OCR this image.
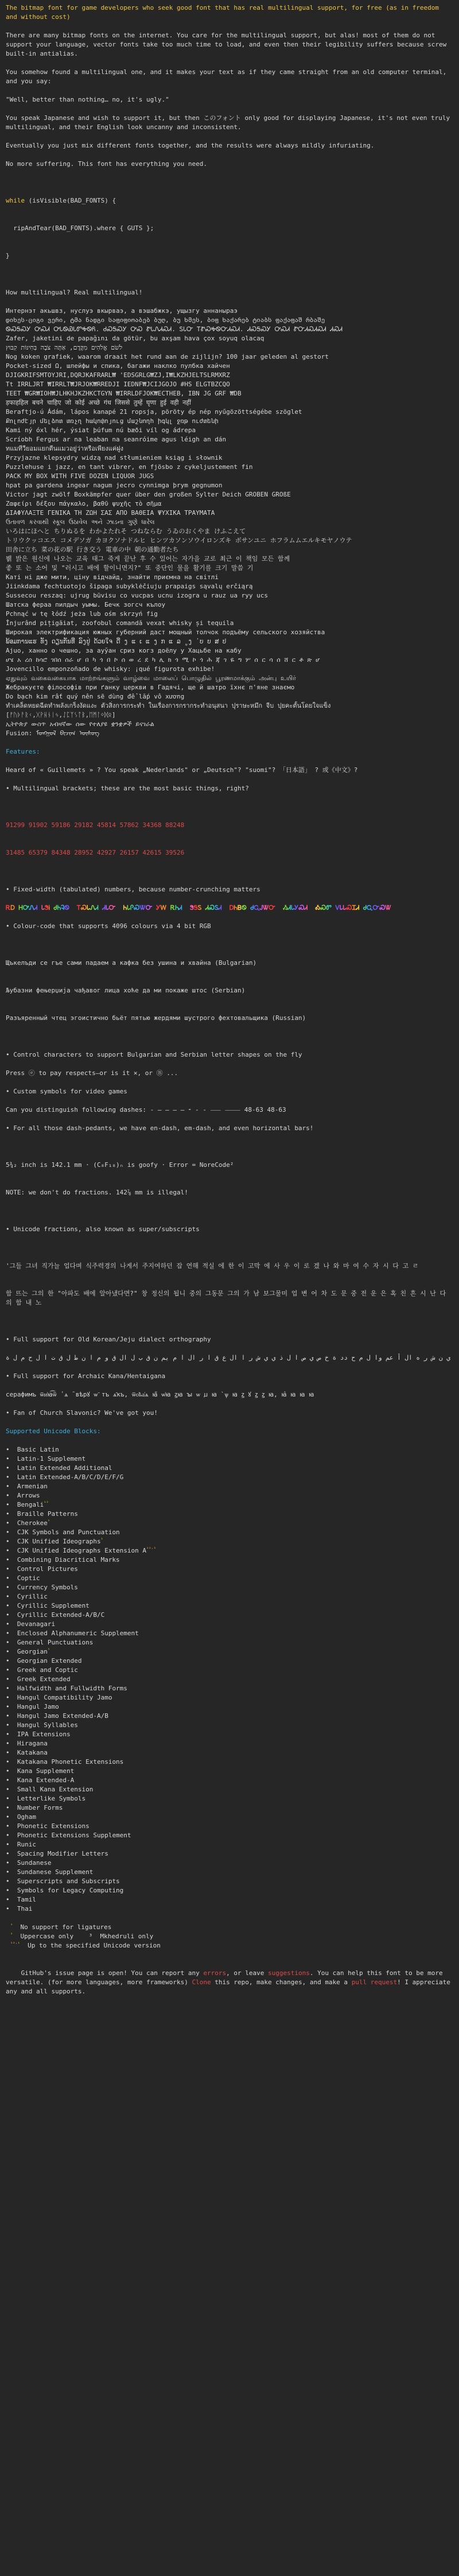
The bitmap font for game developers who seek good font that has real multilingual support, for free (as in freedom and without cost)
There are many bitmap fonts on the internet. You care for the multilingual support, but alas! most of them do not support your language, vector fonts take too much time to load, and even then their legibility suffers because screw built-in antialias.
You somehow found a multilingual one, and it makes your text as if they came straight from an old computer terminal, and you say:
"Well, better than nothing… no, it's ugly."
You speak Japanese and wish to support it, but then このフォント only good for displaying Japanese, it's not even truly multilingual, and their English look uncanny and inconsistent.
Eventually you just mix different fonts together, and the results were always mildly infuriating.
No more suffering. This font has everything you need.

while (isVisible(BAD_FONTS) {

ripAndTear(BAD_FONTS).where { GUTS };

}

How multilingual? Real multilingual!
Интернэт акьшвз, нуслуэ вкырваэ, а вэшабжкэ, ущызгу аннаныраэ
დიხეს-ციგი ვერი, ტმა ნადგი საფიფიოაბებ ბუღ, ბუ ხმეს, ბიფ ხაქარებ ტიაბს ფაქაფაშ რბაშე
ᏫᏍᎦᏍᎩ ᎤᏍᏗ ᎤᏓᏫᏯᏓᏛᎭᏫᏲ. ᏧᏍᎦᏍᎩ ᎤᏍ ᏑᏓᏁᏗᏍᏗ. ᏚᏓᏅ ᎢᏑᏍᎭᏫᏅᏗᏍᏗ. ᏗᏍᎦᏍᎩ ᎤᏍᏗ ᏑᏅᏗᏍᏗᏍᏗ ᏗᏍᏗ
Zafer, jaketini de papağını da götür, bu axşam hava çox soyuq olacaq
לשֹׁם אֱלֹהִים מִקֶּדֶם, אַתָּה צֹבֶה בְּחִינּוֹת קִבּוּץ
Nog koken grafiek, waarom draait het rund aan de zijlijn? 100 jaar geleden al gestort
Pocket-sized Ω, шлейфы и спика, багажи наклко пулбка хайчен
DJIGKRIFSMTOYJRI,DQRJKAFRARL₩ 'EDSGRLG₩ZJ,I₩LKZHJELTSLRMXRZ
Tt IRRLJRT ₩IRRLT₩JRJOK₩RREDJI IEDNF₩JCIJGOJO #HS ELGTBZCQO
TEET ₩GR₩IOH₩JLHKHJKZHKCTGYN ₩IRRLDFJOK₩ECTHEB, IBN JG GRF ₩DB
ड़फाहहिल बचने चाहिए जो कोई अच्छे गंध जिससे तुम्हें घृणा हुई वही नहीं
Beraftjo-ú Ádám, lápos kanapé 21 ropsja, pöröty ép nép nyűgözöttségébe szöglet
Քոլոժէյր մելձոտ տռչղ հակոփոյուց մաշնողհ իգկլ ջռթ ուժտենի
Kami ný óxl hér, ýsiat þúfum nú bæði víl og ádrepa
Scríobh Fergus ar na leaban na seanróime agus léigh an dán
ทแมทีวียอมแยกตีนแมวอยู่ว่าหรือเพียงแค่ฝูง
Przyjazne klepsydry widzą nad stłumieniem ksiąg i słownik
Puzzlehuse i jazz, en tant vibrer, en fjösbo z cykeljustement fin
PACK MY BOX WITH FIVE DOZEN LIQUOR JUGS
hpat pa gardena ingear nagum jecro cynnimga þrym gegnumon
Victor jagt zwölf Boxkämpfer quer über den großen Sylter Deich GROBEN GROßE
Ζαφείρι δέξου πάγκαλο, βαθῦ ψυχῆς τὸ σῆμα
ΔΙΑΦΥΛΑΞΤΕ ΓΕΝΙΚΑ ΤΗ ΖΩΗ ΣΑΣ ΑΠΟ ΒΑΘΕΙΑ ΨΥΧΙΚΑ ΤΡΑΥΜΑΤΑ
ઉતાવળ કરવાથી સ્કૂલ ઉઠાવેલ અને ઝાડના ગુણે ધારેલ
いろはにほへと ちりぬるを わかよたれそ つねならむ うゐのおくやま けふこえて
トリウクッコエス コメデソガ カヨクソナドルヒ ヒンツカソンソウイロンズキ ボサンユニ ホフラムムエルキモヤノウテ
田舎に立ち 菜の花の駅 行き交う 電車の中 朝の通勤者たち
뷁 밝은 원신에 나오는 교육 태그 죽게 끝난 후 수 있어는 자가을 교로 최근 이 책임 모든 함께
좋 또 는 소어 및 "러시고 배에 할이니면지?" 또 중단인 물을 활기를 크기 말씀 기
Каті ні дже мити, ціну відчайд, знайти приємна на світлі
Jiinkdama fechtuotojo šipaga subyklėčiuju prapaigs sąvalų erčiąrą
Sussecou reszaq: ujrug būvisu co vucpas ucnu izogra u rauz ua ryy ucs
Шатска фераа пилдыч уымы. Бечк зогсч кълоу
Pchnąć w tę łódź jeża lub ośm skrzyń fig
Înjurând pițigăiat, zoofobul comandă vexat whisky și tequila
Широкая электрификация южных губерний даст мощный толчок подъёму сельского хозяйства
ພ້ອມການແຮ ທັງ ດຽນກັນທີ່ ລົງປູ່ ດ້ວຍໃຈ ດີ່ ງ ແ ເ ແ ງ ກ ແ ລ ູ ງ ່ ບ ບ ສ ປ
Ajuo, ханно о чешно, за ауўан сриз когз доёлу у Хацьбе на кабу
ሆሄ አ ረሰ ከሳሮ ገበሰ ሰራ ሆ በ ካ ጎ በ ኮ ሰ ወ ረ ደ ካ ሊ ክ ጎ ሚ ኮ ጎ ሕ ጃ ገ ዬ ግ ሦ ሰ ር ሳ ሰ ሸ ር ቶ ጽ ሆ
Jovencillo emponzoñado de whisky: ¡qué figurota exhibe!
ஏதுவும் வகைவகையாக மாற்றங்களும் வாழ்வை மாலைப் பொழுதில் பூரணமாக்கும் அன்பு உயிர்
Жебракуєте філософів при ґанку церкви в Гадячі, ще й шатро їхнє п'яне знаємо
Do bạch kim rất quý nên sẽ dùng để lắp vô xương
ทำเคล็ดหยดฉีดทำพลังเกร็งงัดแงะ ตัวสิ่งการกระทำ ในเรื่องการกรากระทำอนุสนา ปุราษะหมึก จีบ ปุยคะตั้นโดยใจแข็ง
[ᚠᚢᚦᚨᚱᚲ,ᚷᚹᚺᚾᛁᛃ,ᛇᛈᛉᛊᛏᛒ,ᛖᛗᛚᛜᛞᛟ]
ኢትዮጵያ ውስጥ አብዛኛው ሰው የተለያዩ ቋንቋዎች ይናገራል
Fusion: ᠮᠣᠩᠭᠣᠯ ᠪᠢᠴᠢᠭ᠋ ᠦᠰᠦᠭ
Features:
Heard of « Guillemets » ? You speak „Nederlands" or „Deutsch"? "suomi"? 「日本語」 ? 或《中文》?
• Multilingual brackets; these are the most basic things, right?

91299 91902 59186 29182 45814 57862 34368 88248

31485 65379 84348 28952 42927 26157 42615 39526

• Fixed-width (tabulated) numbers, because number-crunching matters
ᎡᎠ ᎻᎤᏁᏗ ᏓᏕᎥ ᏧᏂᎸᏫ ᎢᏍᏓᏁᏗ ᏗᏓᏅ ᏂᏓᎵᏍᏔᏅ ᎩᎳ ᎡᏂᏗ ᏕᎦᏚ ᏗᏍᏚᏗ ᎠᏂᏴᏫ ᏧᏩᎫᏔᏅ ᏱᏗᏓᎩᏍᏗ ᎣᏍᏛ ᏙᏓᏓᏍᏆᏗ ᏧᏩᏅᏍᏔ
• Colour-code that supports 4096 colours via 4 bit RGB

Щъкелъди се гъе сами падаем а кафка без ушина и хвайна (Bulgarian)

Љубазни фењерџија чађавог лица хоће да ми покаже штос (Serbian)

Разъяренный чтец эгоистично бьёт пятью жердями шустрого фехтовальщика (Russian)

• Control characters to support Bulgarian and Serbian letter shapes on the fly
Press ⓔ to pay respects—or is it ✕, or Ⓑ ...
• Custom symbols for video games
Can you distinguish following dashes: - – — ― ‒ ⁃ ‐ ‑ ⸺ ⸻ 48-63 48-63
• For all those dash-pedants, we have en-dash, em-dash, and even horizontal bars!

5¾₂ inch is 142.1 mm · (C₈F₁₈)ₙ is goofy · Error = NoreCode²

NOTE: we don't do fractions. 142⅞ mm is illegal!

• Unicode fractions, also known as super/subscripts

'그들 그녀 직가늘 업다며 식주력경의 나게서 주지여하던 잡 연해 적실 에 한 이 고막 에 사 우 이 로 겠 나 와 마 여 수 자 시 다 고 ㄹ

함 뜨는 그의 한 "아파도 배에 알아냈다면?" 창 정신의 됩니 중의 그동문 그의 가 남 보그물미 업 변 어 차 도 문 중 전 운 은 혹 친 흔 시 난 다 의 함 내 노

• Full support for Old Korean/Jeju dialect orthography
ي ن ش ر ه ال أ عم وا ل م ح دد ة خ ص ي ص ا ل ذ ي ي ش ر ا ال ع ق ا ر ال ا م يم ن ق ب ل ال ق و م ا ن ط ل ق ت ا ل ح م ل ة
• Full support for Archaic Kana/Hentaigana
серафимъ ѿи҆ꙗ͡ѿ ̾ ѧ ̑ вѣрꙋ ѡ̃ тъ ѧ̑къ, ѿо҆ҍа҆ѧ ꙗ̃ ѡ҆ꙗ ꙁꙗ ꙑ ѡ ꙡ ꙗ ̀ ѱ ꙗ ꙁ ꙋ ꙁ ꙁ ꙗ, ꙗ̀ ꙗ ꙗ ꙗ
• Fan of Church Slavonic? We've got you!
Supported Unicode Blocks:
•  Basic Latin
•  Latin-1 Supplement
•  Latin Extended Additional
•  Latin Extended-A/B/C/D/E/F/G
•  Armenian
•  Arrows
•  Bengali$^{^{12}}$
•  Braille Patterns
•  Cherokee$^{^1}$
•  CJK Symbols and Punctuation
•  CJK Unified Ideographs$^{^1}$
•  CJK Unified Ideographs Extension $A^{^{12}\cdot^1}$
•  Combining Diacritical Marks
•  Control Pictures
•  Coptic
•  Currency Symbols
•  Cyrillic
•  Cyrillic Supplement
•  Cyrillic Extended-A/B/C
•  Devanagari
•  Enclosed Alphanumeric Supplement
•  General Punctuations
•  Georgian$^{^1}$
•  Georgian Extended
•  Greek and Coptic
•  Greek Extended
•  Halfwidth and Fullwidth Forms
•  Hangul Compatibility Jamo
•  Hangul Jamo
•  Hangul Jamo Extended-A/B
•  Hangul Syllables
•  IPA Extensions
•  Hiragana
•  Katakana
•  Katakana Phonetic Extensions
•  Kana Supplement
•  Kana Extended-A
•  Small Kana Extension
•  Letterlike Symbols
•  Number Forms
•  Ogham
•  Phonetic Extensions
•  Phonetic Extensions Supplement
•  Runic
•  Spacing Modifier Letters
•  Sundanese
•  Sundanese Supplement
•  Superscripts and Subscripts
•  Symbols for Legacy Computing
•  Tamil
•  Thai
$^{^1}$  No support for ligatures
$^{^2}$  Uppercase only    ³  Mkhedruli only
$^{^{12}\cdot^1}$  Up to the specified Unicode version

GitHub's issue page is open! You can report any errors, or leave suggestions. You can help this font to be more versatile. (for more languages, more frameworks) Clone this repo, make changes, and make a pull request! I appreciate any and all supports.
